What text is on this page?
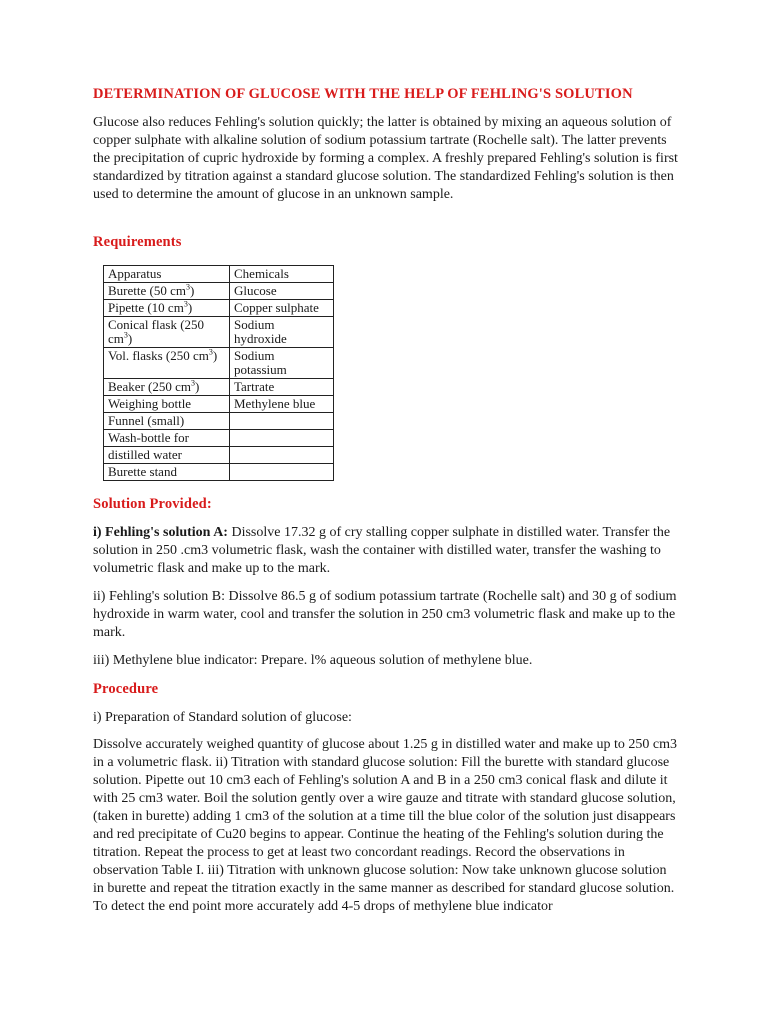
DETERMINATION OF GLUCOSE WITH THE HELP OF FEHLING'S SOLUTION

Glucose also reduces Fehling's solution quickly; the latter is obtained by mixing an aqueous solution of copper sulphate with alkaline solution of sodium potassium tartrate (Rochelle salt). The latter prevents the precipitation of cupric hydroxide by forming a complex. A freshly prepared Fehling's solution is first standardized by titration against a standard glucose solution. The standardized Fehling's solution is then used to determine the amount of glucose in an unknown sample.

Requirements
Apparatus	Chemicals
Burette (50 $cm^3$)	Glucose
Pipette (10 $cm^3$)	Copper sulphate
Conical flask (250 $cm^3$)	Sodium hydroxide
Vol. flasks (250 $cm^3$)	Sodium potassium
Beaker (250 $cm^3$)	Tartrate
Weighing bottle	Methylene blue
Funnel (small)	
Wash-bottle for	
distilled water	
Burette stand	
Solution Provided:

i) Fehling's solution A: Dissolve 17.32 g of cry stalling copper sulphate in distilled water. Transfer the solution in 250 .cm3 volumetric flask, wash the container with distilled water, transfer the washing to volumetric flask and make up to the mark.

ii) Fehling's solution B: Dissolve 86.5 g of sodium potassium tartrate (Rochelle salt) and 30 g of sodium hydroxide in warm water, cool and transfer the solution in 250 cm3 volumetric flask and make up to the mark.

iii) Methylene blue indicator: Prepare. l% aqueous solution of methylene blue.

Procedure

i) Preparation of Standard solution of glucose:

Dissolve accurately weighed quantity of glucose about 1.25 g in distilled water and make up to 250 cm3 in a volumetric flask. ii) Titration with standard glucose solution: Fill the burette with standard glucose solution. Pipette out 10 cm3 each of Fehling's solution A and B in a 250 cm3 conical flask and dilute it with 25 cm3 water. Boil the solution gently over a wire gauze and titrate with standard glucose solution, (taken in burette) adding 1 cm3 of the solution at a time till the blue color of the solution just disappears and red precipitate of Cu20 begins to appear. Continue the heating of the Fehling's solution during the titration. Repeat the process to get at least two concordant readings. Record the observations in observation Table I. iii) Titration with unknown glucose solution: Now take unknown glucose solution in burette and repeat the titration exactly in the same manner as described for standard glucose solution. To detect the end point more accurately add 4-5 drops of methylene blue indicator
